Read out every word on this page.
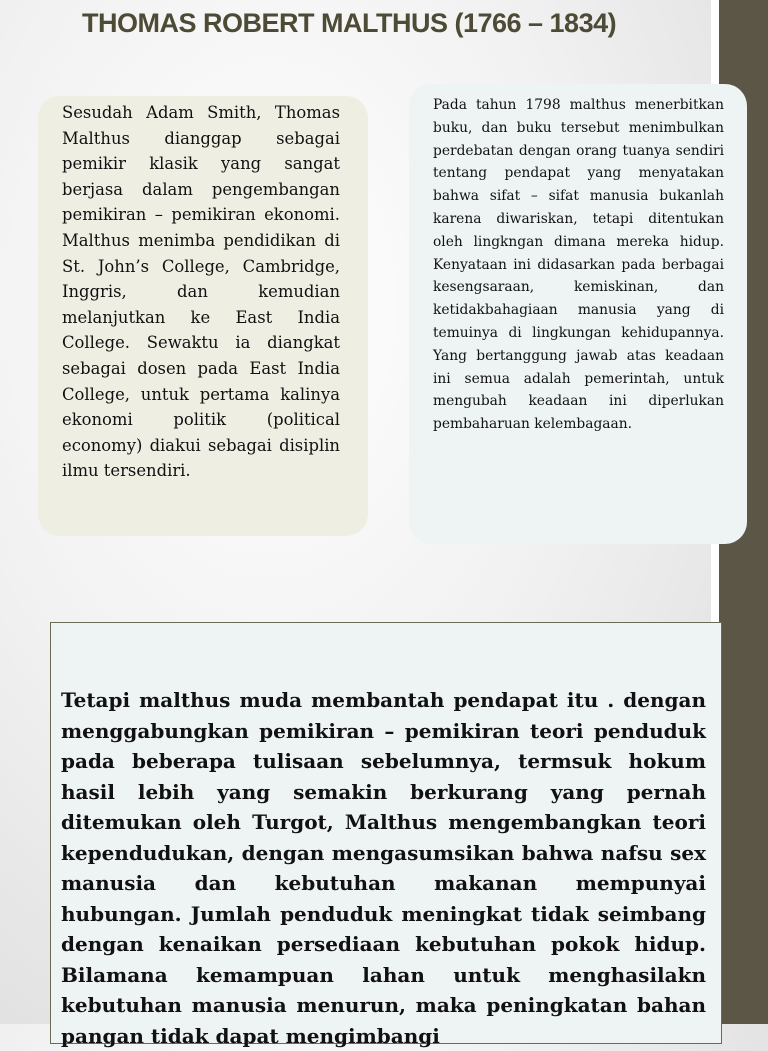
THOMAS ROBERT MALTHUS (1766 – 1834)
Sesudah Adam Smith, Thomas Malthus dianggap sebagai pemikir klasik yang sangat berjasa dalam pengembangan pemikiran – pemikiran ekonomi. Malthus menimba pendidikan di St. John’s College, Cambridge, Inggris, dan kemudian melanjutkan ke East India College. Sewaktu ia diangkat sebagai dosen pada East India College, untuk pertama kalinya ekonomi politik (political economy) diakui sebagai disiplin ilmu tersendiri.
Pada tahun 1798 malthus menerbitkan buku, dan buku tersebut menimbulkan perdebatan dengan orang tuanya sendiri tentang pendapat yang menyatakan bahwa sifat – sifat manusia bukanlah karena diwariskan, tetapi ditentukan oleh lingkngan dimana mereka hidup. Kenyataan ini didasarkan pada berbagai kesengsaraan, kemiskinan, dan ketidakbahagiaan manusia yang di temuinya di lingkungan kehidupannya. Yang bertanggung jawab atas keadaan ini semua adalah pemerintah, untuk mengubah keadaan ini diperlukan pembaharuan kelembagaan.
Tetapi malthus muda membantah pendapat itu . dengan menggabungkan pemikiran – pemikiran teori penduduk pada beberapa tulisaan sebelumnya, termsuk hokum hasil lebih yang semakin berkurang yang pernah ditemukan oleh Turgot, Malthus mengembangkan teori kependudukan, dengan mengasumsikan bahwa nafsu sex manusia dan kebutuhan makanan mempunyai hubungan. Jumlah penduduk meningkat tidak seimbang dengan kenaikan persediaan kebutuhan pokok hidup. Bilamana kemampuan lahan untuk menghasilakn kebutuhan manusia menurun, maka peningkatan bahan pangan tidak dapat mengimbangi
